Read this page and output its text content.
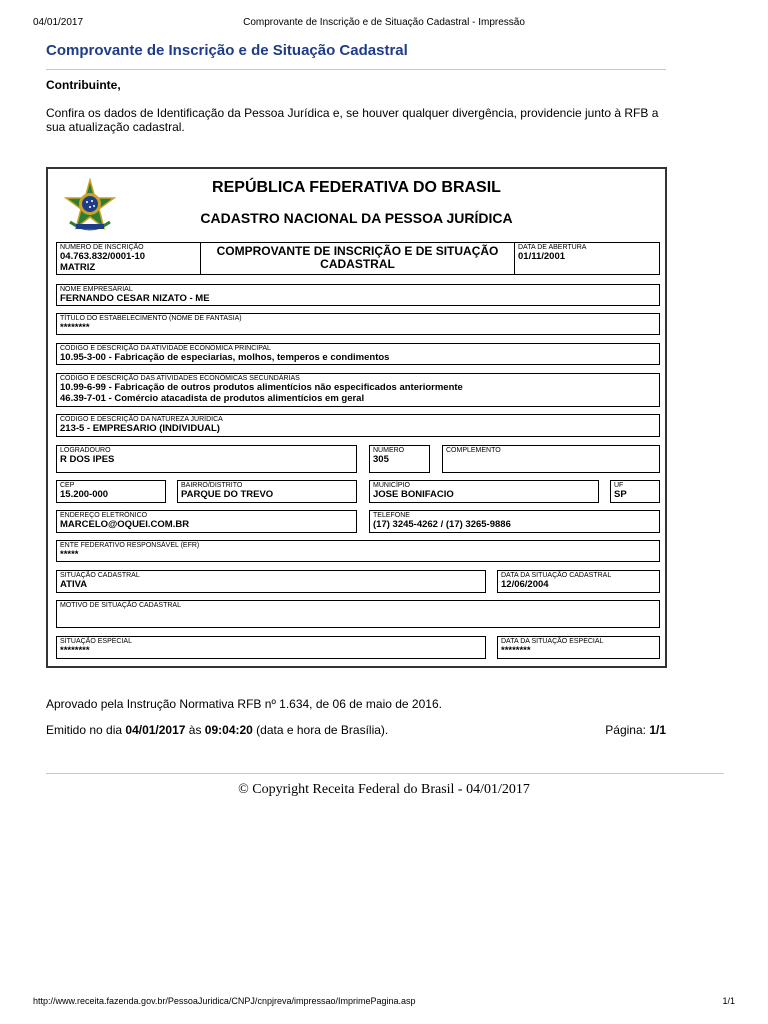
04/01/2017	Comprovante de Inscrição e de Situação Cadastral - Impressão
Comprovante de Inscrição e de Situação Cadastral
Contribuinte,
Confira os dados de Identificação da Pessoa Jurídica e, se houver qualquer divergência, providencie junto à RFB a sua atualização cadastral.
REPÚBLICA FEDERATIVA DO BRASIL
CADASTRO NACIONAL DA PESSOA JURÍDICA
NÚMERO DE INSCRIÇÃO
04.763.832/0001-10
MATRIZ
COMPROVANTE DE INSCRIÇÃO E DE SITUAÇÃO CADASTRAL
DATA DE ABERTURA
01/11/2001
NOME EMPRESARIAL
FERNANDO CESAR NIZATO - ME
TÍTULO DO ESTABELECIMENTO (NOME DE FANTASIA)
********
CÓDIGO E DESCRIÇÃO DA ATIVIDADE ECONÔMICA PRINCIPAL
10.95-3-00 - Fabricação de especiarias, molhos, temperos e condimentos
CÓDIGO E DESCRIÇÃO DAS ATIVIDADES ECONÔMICAS SECUNDÁRIAS
10.99-6-99 - Fabricação de outros produtos alimentícios não especificados anteriormente
46.39-7-01 - Comércio atacadista de produtos alimentícios em geral
CÓDIGO E DESCRIÇÃO DA NATUREZA JURÍDICA
213-5 - EMPRESARIO (INDIVIDUAL)
LOGRADOURO
R DOS IPES
NÚMERO
305
COMPLEMENTO
CEP
15.200-000
BAIRRO/DISTRITO
PARQUE DO TREVO
MUNICÍPIO
JOSE BONIFACIO
UF
SP
ENDEREÇO ELETRÔNICO
MARCELO@OQUEI.COM.BR
TELEFONE
(17) 3245-4262 / (17) 3265-9886
ENTE FEDERATIVO RESPONSÁVEL (EFR)
*****
SITUAÇÃO CADASTRAL
ATIVA
DATA DA SITUAÇÃO CADASTRAL
12/06/2004
MOTIVO DE SITUAÇÃO CADASTRAL
SITUAÇÃO ESPECIAL
********
DATA DA SITUAÇÃO ESPECIAL
********
Aprovado pela Instrução Normativa RFB nº 1.634, de 06 de maio de 2016.
Emitido no dia 04/01/2017 às 09:04:20 (data e hora de Brasília).	Página: 1/1
© Copyright Receita Federal do Brasil - 04/01/2017
http://www.receita.fazenda.gov.br/PessoaJuridica/CNPJ/cnpjreva/impressao/ImprimePagina.asp	1/1
